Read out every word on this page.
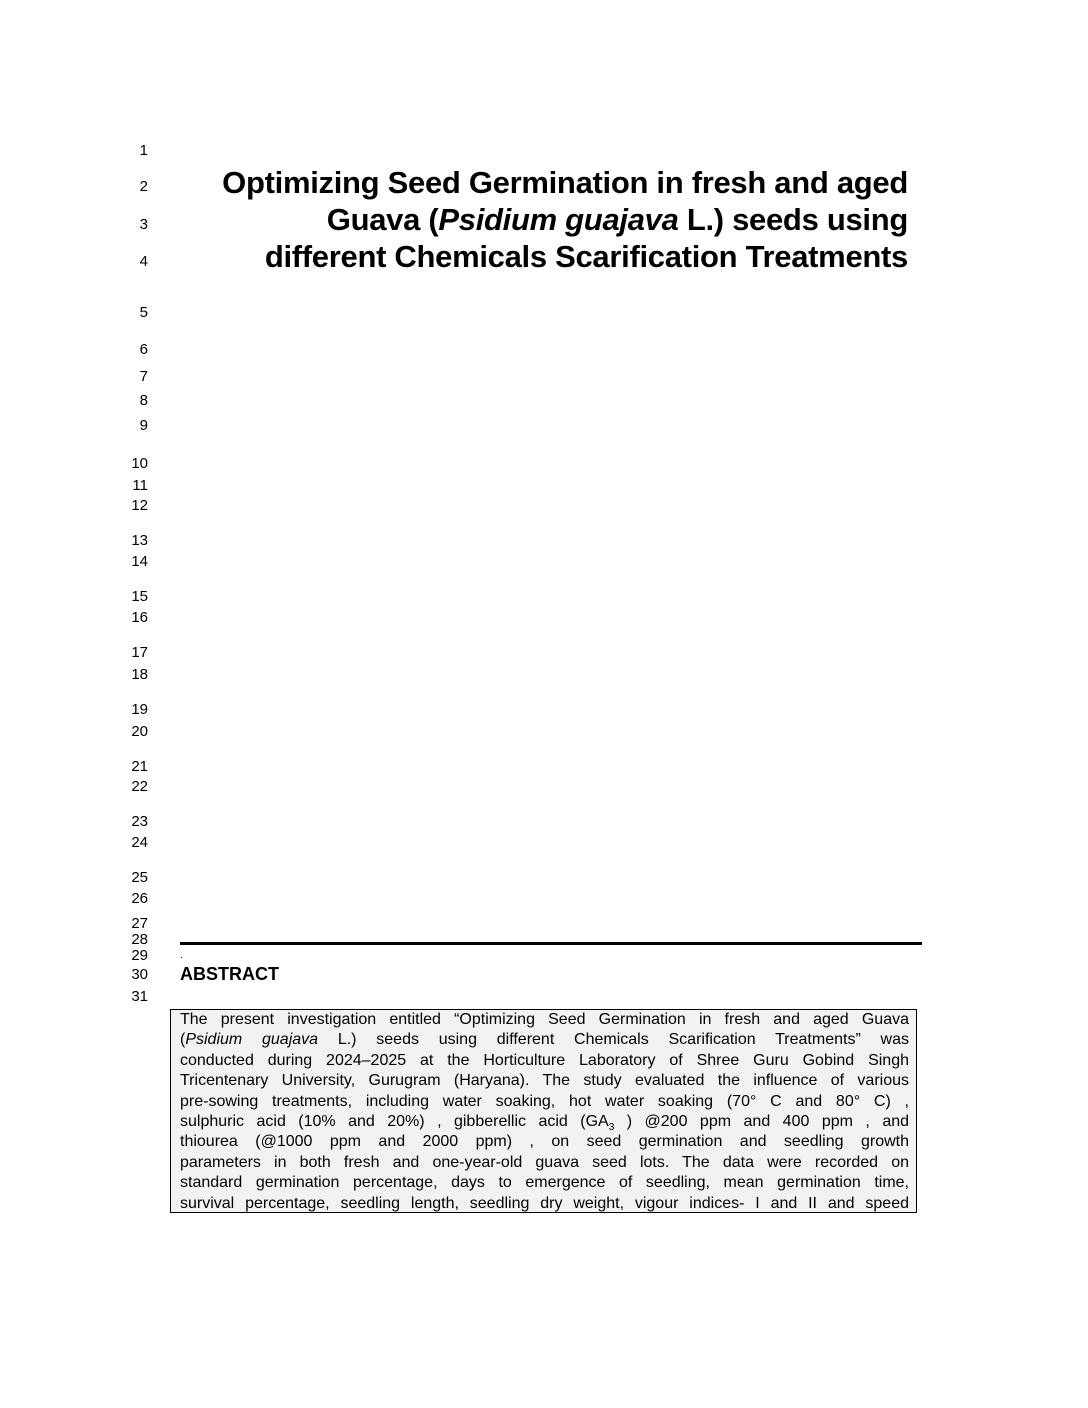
1
2
3
4
5
6
7
8
9
10
11
12
13
14
15
16
17
18
19
20
21
22
23
24
25
26
27
28
29
30
31
Optimizing Seed Germination in fresh and aged
Guava (Psidium guajava L.) seeds using
different Chemicals Scarification Treatments
.
ABSTRACT
The present investigation entitled “Optimizing Seed Germination in fresh and aged Guava
(Psidium guajava L.) seeds using different Chemicals Scarification Treatments” was
conducted during 2024–2025 at the Horticulture Laboratory of Shree Guru Gobind Singh
Tricentenary University, Gurugram (Haryana). The study evaluated the influence of various
pre-sowing treatments, including water soaking, hot water soaking (70° C and 80° C) ,
sulphuric acid (10% and 20%) , gibberellic acid ($GA_3$ ) @200 ppm and 400 ppm , and
thiourea (@1000 ppm and 2000 ppm) , on seed germination and seedling growth
parameters in both fresh and one-year-old guava seed lots. The data were recorded on
standard germination percentage, days to emergence of seedling, mean germination time,
survival percentage, seedling length, seedling dry weight, vigour indices- I and II and speed
